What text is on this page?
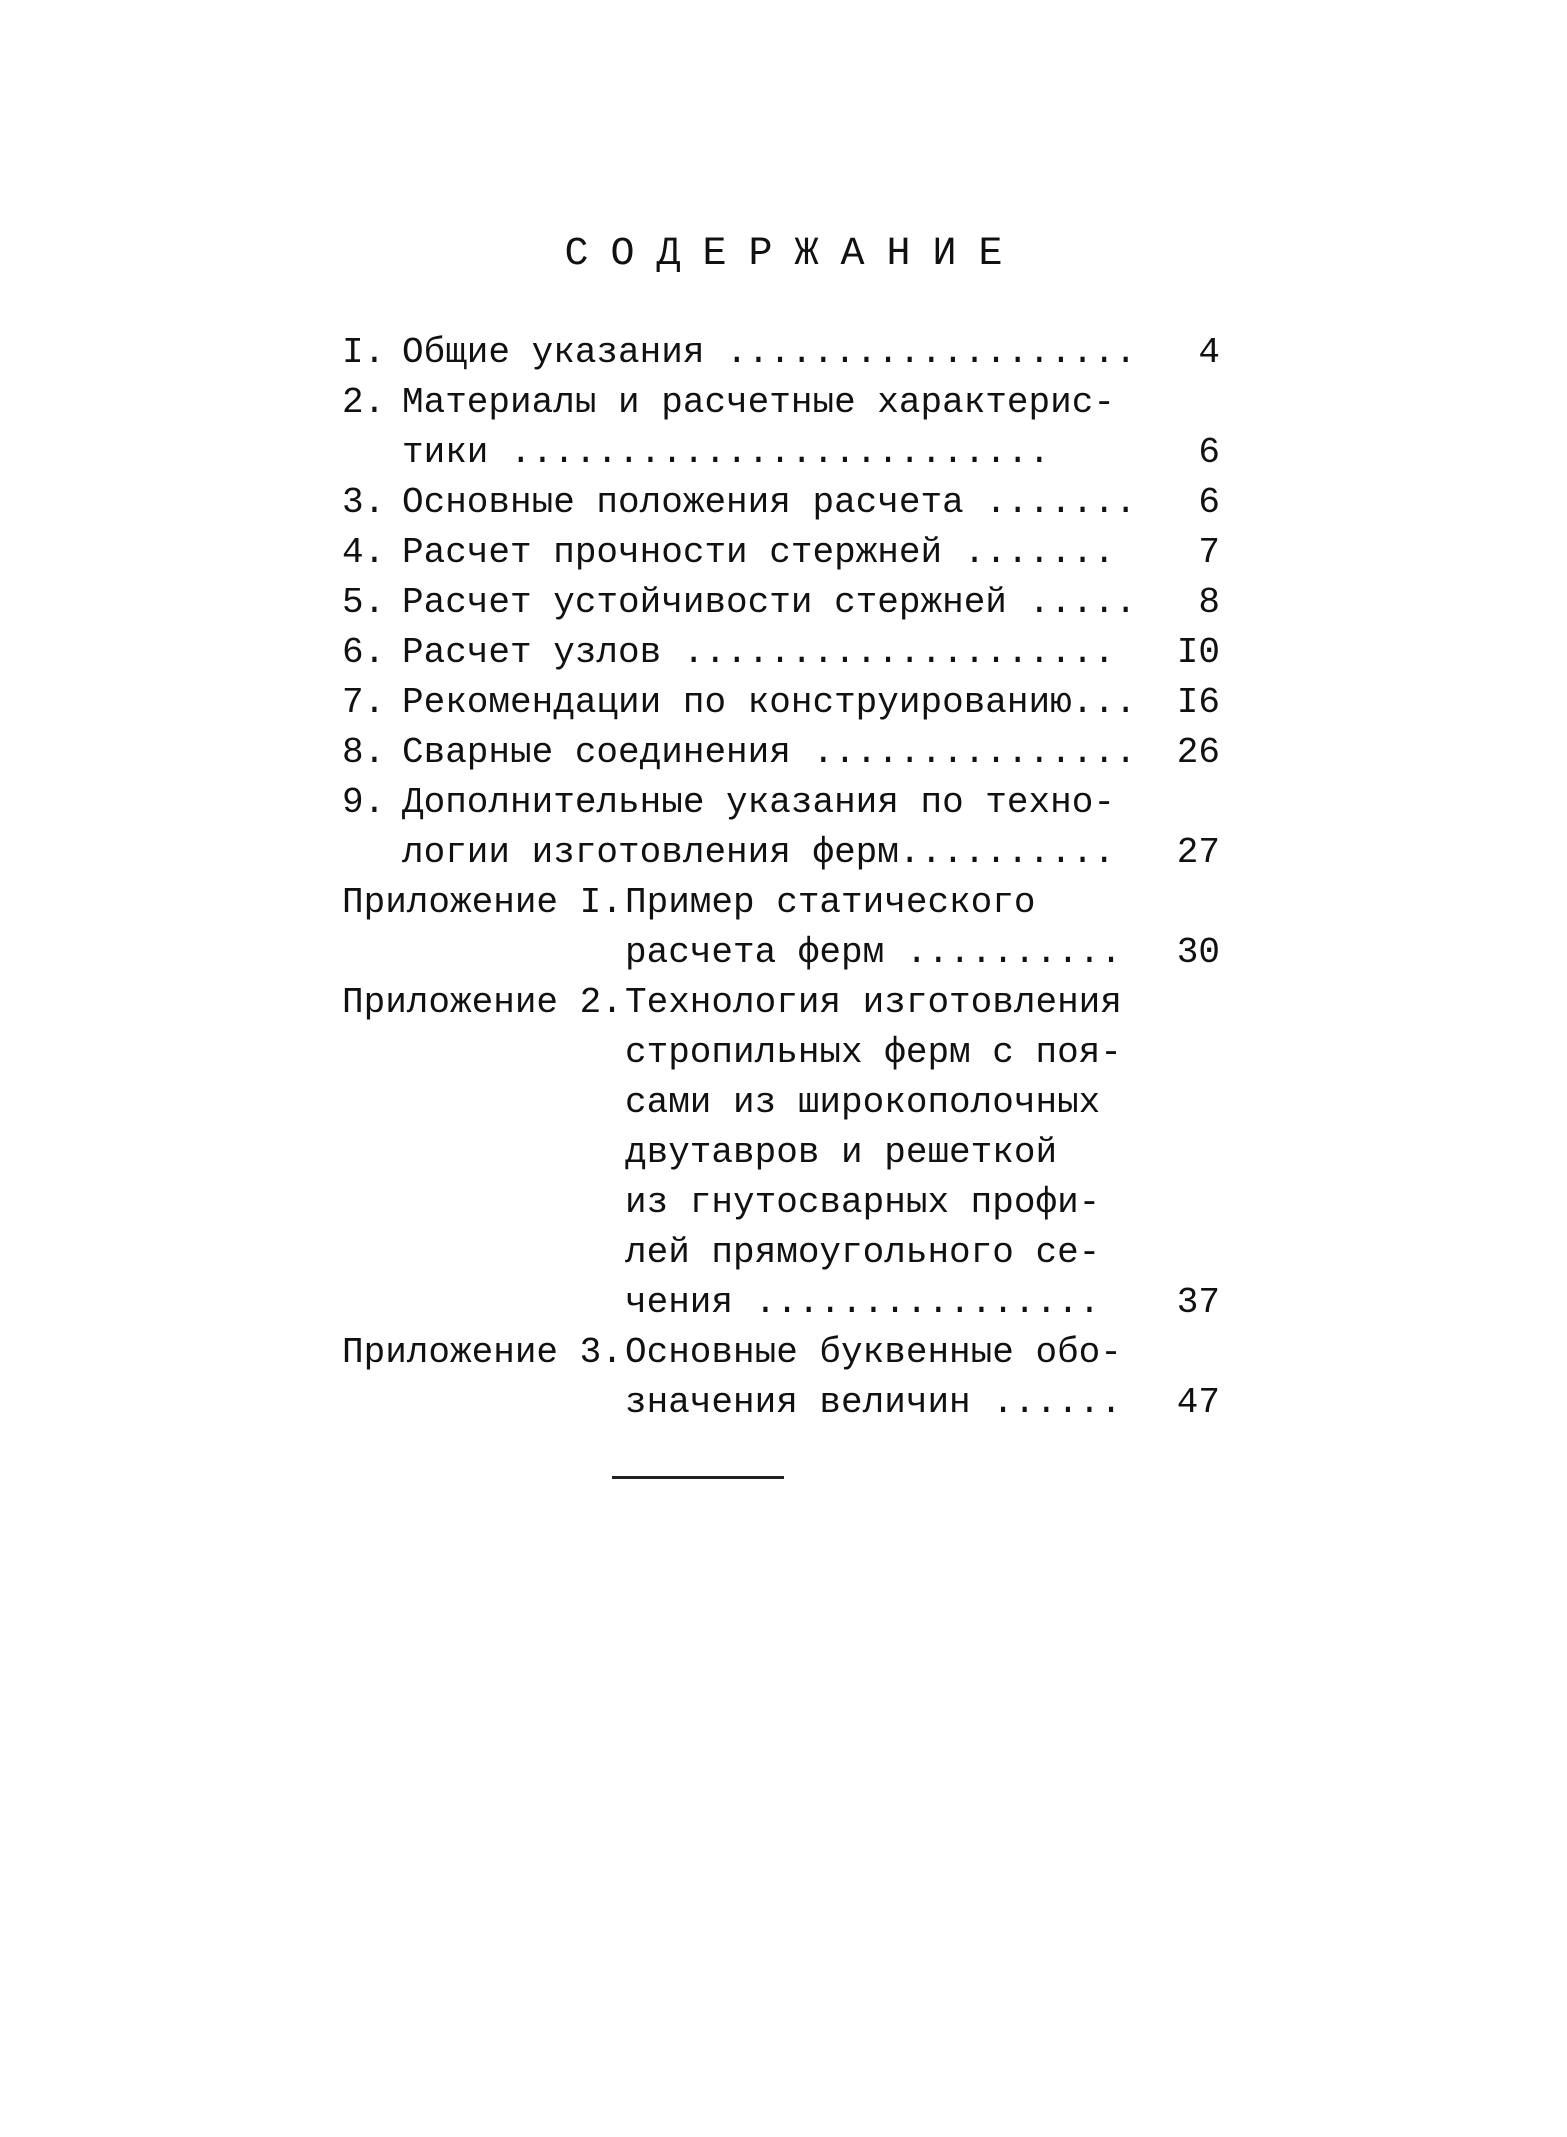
СОДЕРЖАНИЕ
I. Общие указания ...................	4
2. Материалы и расчетные характерис-
тики .........................	6
3. Основные положения расчета .......	6
4. Расчет прочности стержней .......	7
5. Расчет устойчивости стержней .....	8
6. Расчет узлов ....................	I0
7. Рекомендации по конструированию...	I6
8. Сварные соединения ...............	26
9. Дополнительные указания по техно-
логии изготовления ферм..........	27
Приложение I. Пример статического
расчета ферм ..........	30
Приложение 2. Технология изготовления
стропильных ферм с поя-
сами из широкополочных
двутавров и решеткой
из гнутосварных профи-
лей прямоугольного се-
чения ................	37
Приложение 3. Основные буквенные обо-
значения величин ......	47
